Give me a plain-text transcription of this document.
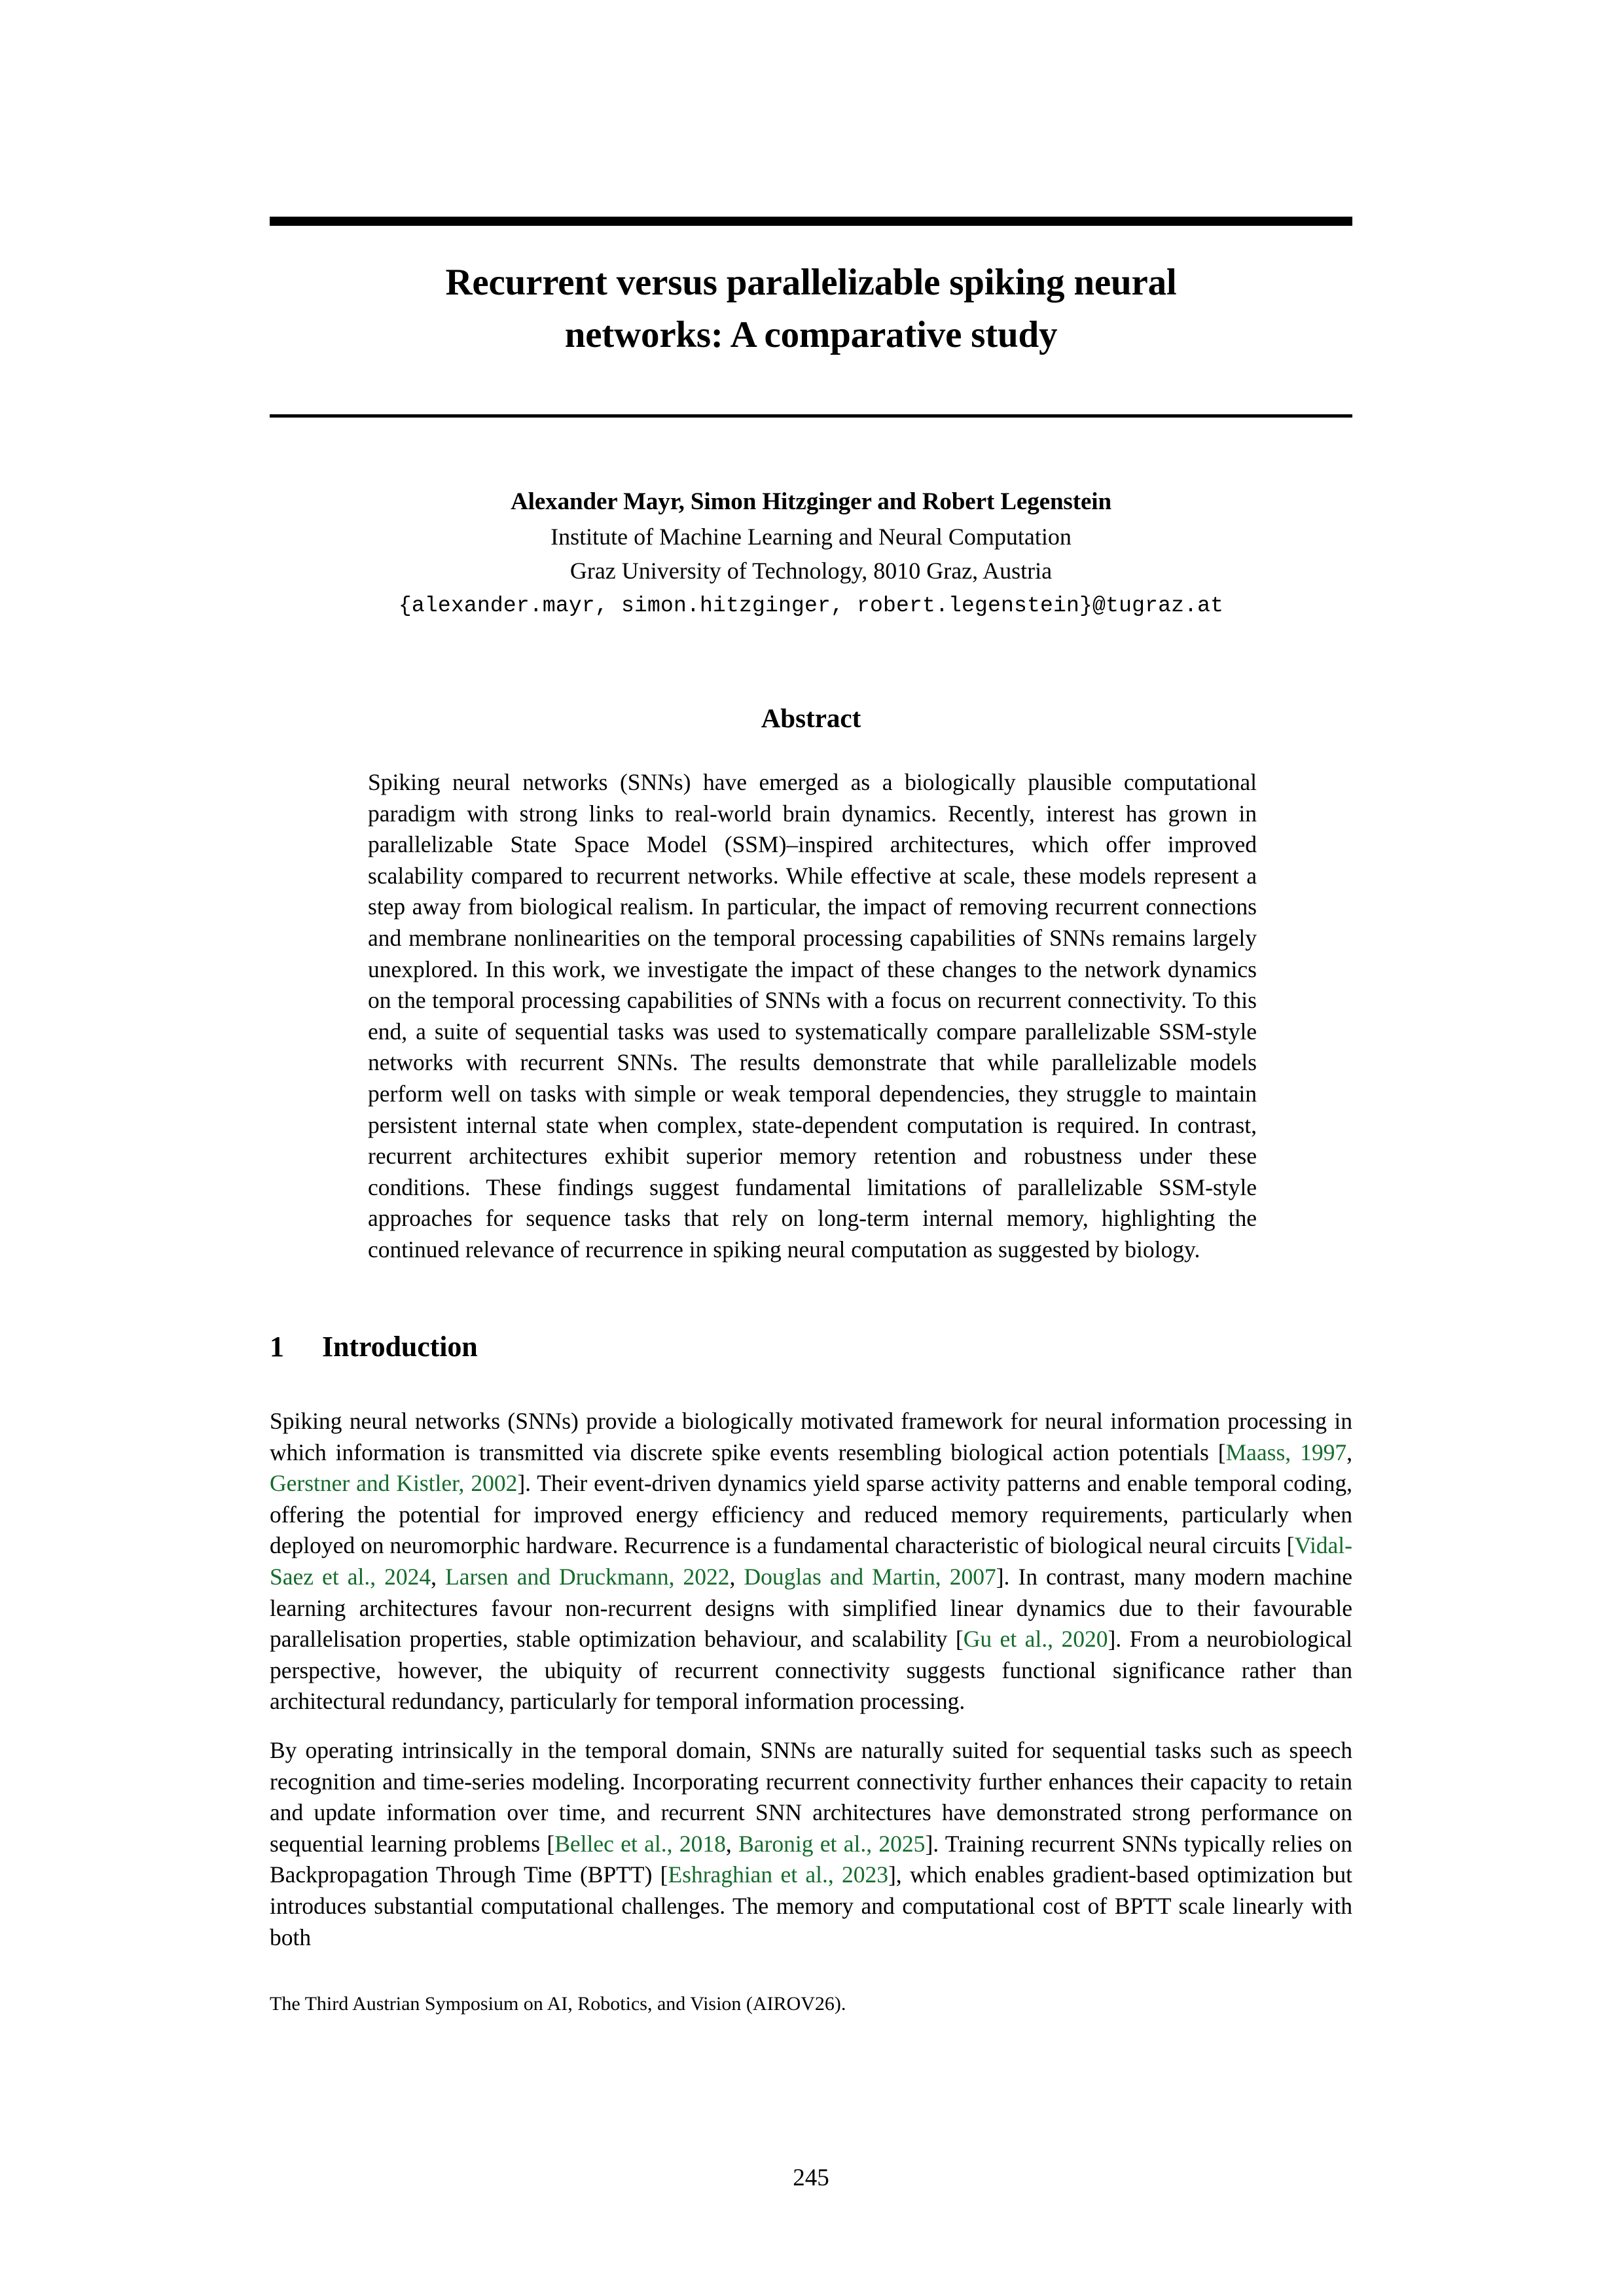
Recurrent versus parallelizable spiking neural
networks: A comparative study
Alexander Mayr, Simon Hitzginger and Robert Legenstein
Institute of Machine Learning and Neural Computation
Graz University of Technology, 8010 Graz, Austria
{alexander.mayr, simon.hitzginger, robert.legenstein}@tugraz.at
Abstract
Spiking neural networks (SNNs) have emerged as a biologically plausible computational paradigm with strong links to real-world brain dynamics. Recently, interest has grown in parallelizable State Space Model (SSM)–inspired architectures, which offer improved scalability compared to recurrent networks. While effective at scale, these models represent a step away from biological realism. In particular, the impact of removing recurrent connections and membrane nonlinearities on the temporal processing capabilities of SNNs remains largely unexplored. In this work, we investigate the impact of these changes to the network dynamics on the temporal processing capabilities of SNNs with a focus on recurrent connectivity. To this end, a suite of sequential tasks was used to systematically compare parallelizable SSM-style networks with recurrent SNNs. The results demonstrate that while parallelizable models perform well on tasks with simple or weak temporal dependencies, they struggle to maintain persistent internal state when complex, state-dependent computation is required. In contrast, recurrent architectures exhibit superior memory retention and robustness under these conditions. These findings suggest fundamental limitations of parallelizable SSM-style approaches for sequence tasks that rely on long-term internal memory, highlighting the continued relevance of recurrence in spiking neural computation as suggested by biology.
1 Introduction

Spiking neural networks (SNNs) provide a biologically motivated framework for neural information processing in which information is transmitted via discrete spike events resembling biological action potentials [Maass, 1997, Gerstner and Kistler, 2002]. Their event-driven dynamics yield sparse activity patterns and enable temporal coding, offering the potential for improved energy efficiency and reduced memory requirements, particularly when deployed on neuromorphic hardware. Recurrence is a fundamental characteristic of biological neural circuits [Vidal-Saez et al., 2024, Larsen and Druckmann, 2022, Douglas and Martin, 2007]. In contrast, many modern machine learning architectures favour non-recurrent designs with simplified linear dynamics due to their favourable parallelisation properties, stable optimization behaviour, and scalability [Gu et al., 2020]. From a neurobiological perspective, however, the ubiquity of recurrent connectivity suggests functional significance rather than architectural redundancy, particularly for temporal information processing.

By operating intrinsically in the temporal domain, SNNs are naturally suited for sequential tasks such as speech recognition and time-series modeling. Incorporating recurrent connectivity further enhances their capacity to retain and update information over time, and recurrent SNN architectures have demonstrated strong performance on sequential learning problems [Bellec et al., 2018, Baronig et al., 2025]. Training recurrent SNNs typically relies on Backpropagation Through Time (BPTT) [Eshraghian et al., 2023], which enables gradient-based optimization but introduces substantial computational challenges. The memory and computational cost of BPTT scale linearly with both

The Third Austrian Symposium on AI, Robotics, and Vision (AIROV26).
245
